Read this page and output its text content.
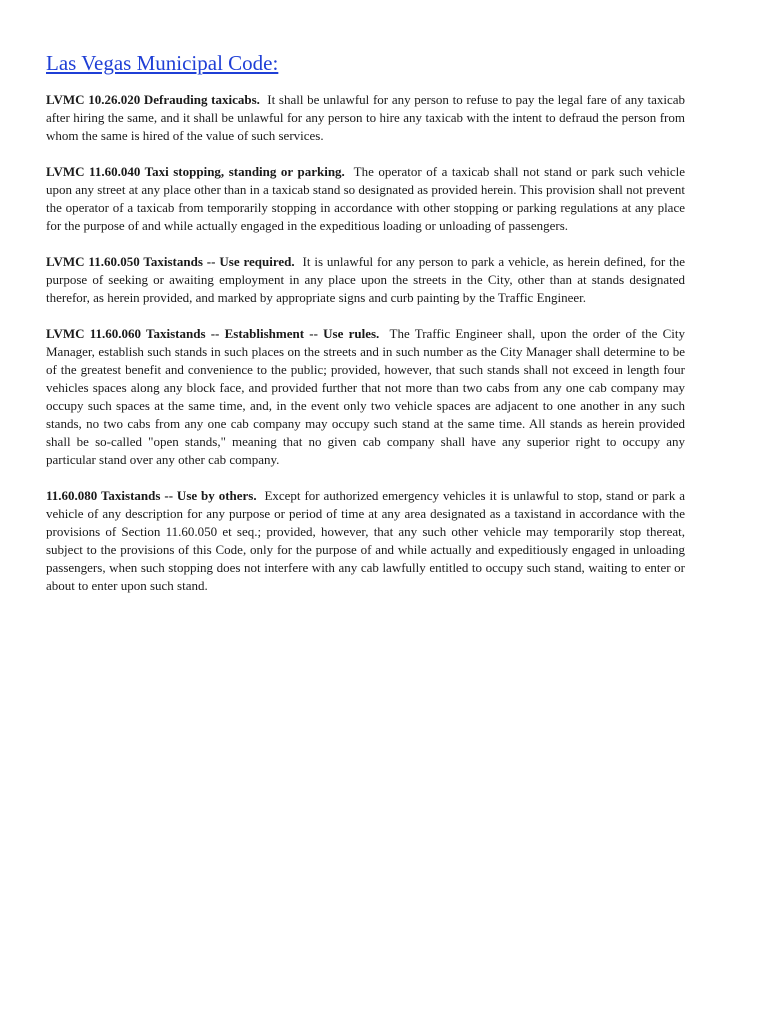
Las Vegas Municipal Code:

LVMC 10.26.020 Defrauding taxicabs. It shall be unlawful for any person to refuse to pay the legal fare of any taxicab after hiring the same, and it shall be unlawful for any person to hire any taxicab with the intent to defraud the person from whom the same is hired of the value of such services.

LVMC 11.60.040 Taxi stopping, standing or parking. The operator of a taxicab shall not stand or park such vehicle upon any street at any place other than in a taxicab stand so designated as provided herein. This provision shall not prevent the operator of a taxicab from temporarily stopping in accordance with other stopping or parking regulations at any place for the purpose of and while actually engaged in the expeditious loading or unloading of passengers.

LVMC 11.60.050 Taxistands -- Use required. It is unlawful for any person to park a vehicle, as herein defined, for the purpose of seeking or awaiting employment in any place upon the streets in the City, other than at stands designated therefor, as herein provided, and marked by appropriate signs and curb painting by the Traffic Engineer.

LVMC 11.60.060 Taxistands -- Establishment -- Use rules. The Traffic Engineer shall, upon the order of the City Manager, establish such stands in such places on the streets and in such number as the City Manager shall determine to be of the greatest benefit and convenience to the public; provided, however, that such stands shall not exceed in length four vehicles spaces along any block face, and provided further that not more than two cabs from any one cab company may occupy such spaces at the same time, and, in the event only two vehicle spaces are adjacent to one another in any such stands, no two cabs from any one cab company may occupy such stand at the same time. All stands as herein provided shall be so-called "open stands," meaning that no given cab company shall have any superior right to occupy any particular stand over any other cab company.

11.60.080 Taxistands -- Use by others. Except for authorized emergency vehicles it is unlawful to stop, stand or park a vehicle of any description for any purpose or period of time at any area designated as a taxistand in accordance with the provisions of Section 11.60.050 et seq.; provided, however, that any such other vehicle may temporarily stop thereat, subject to the provisions of this Code, only for the purpose of and while actually and expeditiously engaged in unloading passengers, when such stopping does not interfere with any cab lawfully entitled to occupy such stand, waiting to enter or about to enter upon such stand.
